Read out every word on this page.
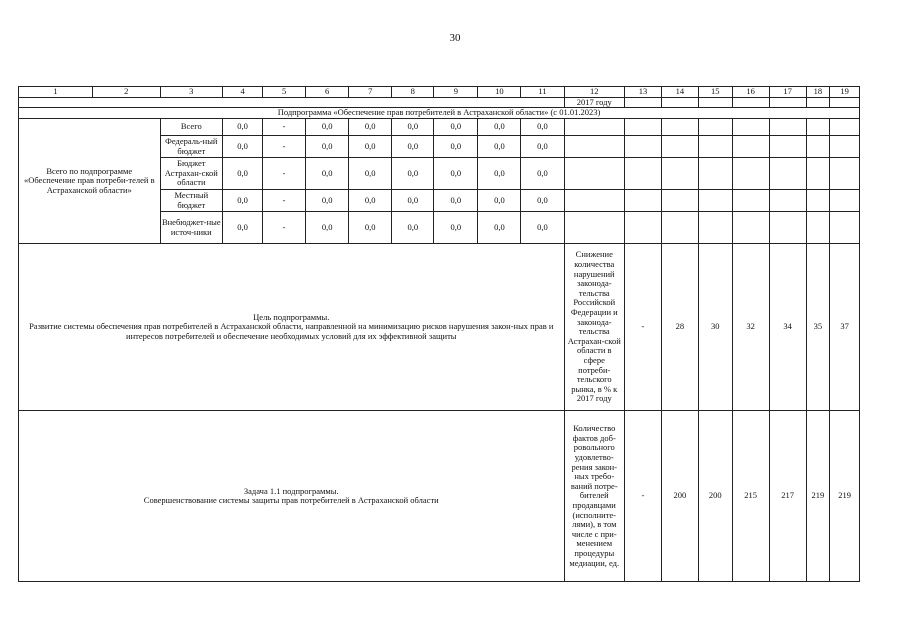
30
1	2	3	4	5	6	7	8	9	10	11	12	13	14	15	16	17	18	19
											2017 году							
Подпрограмма «Обеспечение прав потребителей в Астраханской области» (с 01.01.2023)																		
Всего по подпрограмме «Обеспечение прав потреби-телей в Астраханской области»		Всего	0,0	-	0,0	0,0	0,0	0,0	0,0	0,0								
		Федераль-ный бюджет	0,0	-	0,0	0,0	0,0	0,0	0,0	0,0								
		Бюджет Астрахан-ской области	0,0	-	0,0	0,0	0,0	0,0	0,0	0,0								
		Местный бюджет	0,0	-	0,0	0,0	0,0	0,0	0,0	0,0								
		Внебюджет-ные источ-ники	0,0	-	0,0	0,0	0,0	0,0	0,0	0,0								

Цель подпрограммы.
Развитие системы обеспечения прав потребителей в Астраханской области, направленной на минимизацию рисков нарушения закон-ных прав и интересов потребителей и обеспечение необходимых условий для их эффективной защиты											Снижение количества нарушений законода-тельства Российской Федерации и законода-тельства Астрахан-ской области в сфере потреби-тельского рынка, в % к 2017 году	-	28	30	32	34	35	37

Задача 1.1 подпрограммы.
Совершенствование системы защиты прав потребителей в Астраханской области											Количество фактов доб-ровольного удовлетво-рения закон-ных требо-ваний потре-бителей продавцами (исполните-лями), в том числе с при-менением процедуры медиации, ед.	-	200	200	215	217	219	219
